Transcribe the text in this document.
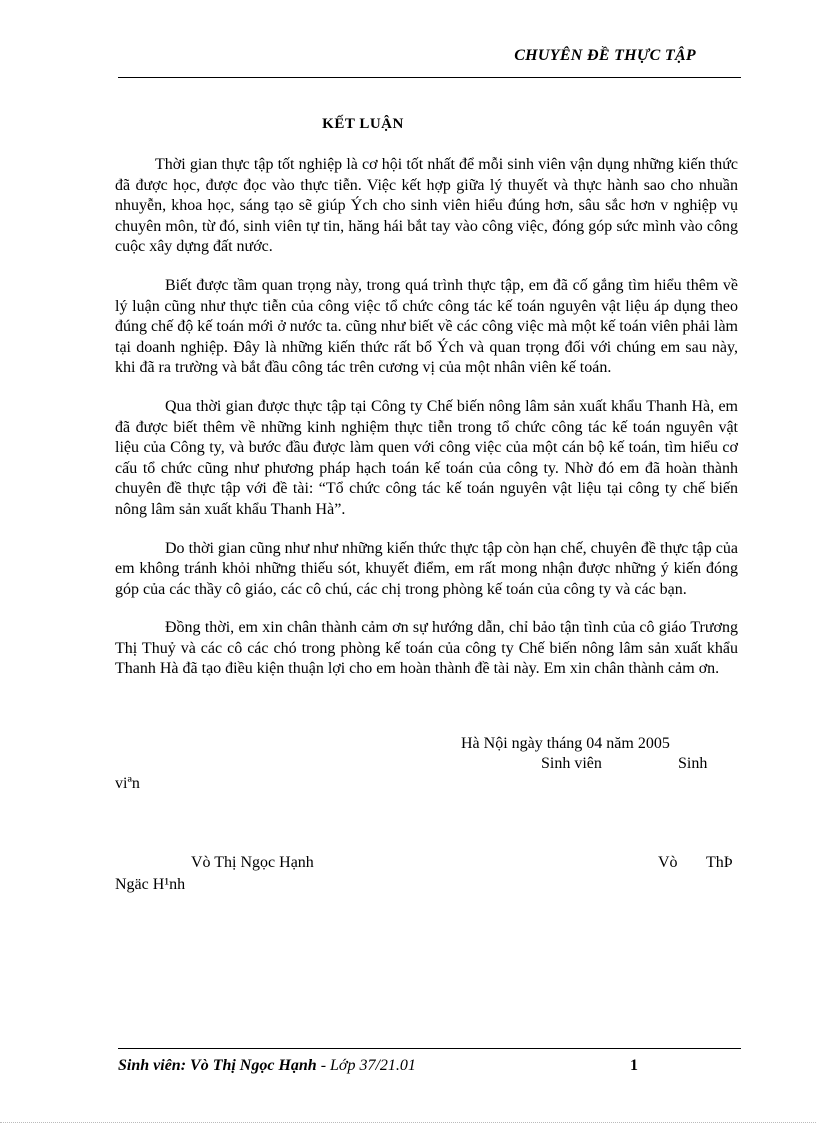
CHUYÊN ĐỀ THỰC TẬP
KẾT LUẬN

Thời gian thực tập tốt nghiệp là cơ hội tốt nhất để mỗi sinh viên vận dụng những kiến thức đã được học, được đọc vào thực tiễn. Việc kết hợp giữa lý thuyết và thực hành sao cho nhuần nhuyễn, khoa học, sáng tạo sẽ giúp Ých cho sinh viên hiểu đúng hơn, sâu sắc hơn v nghiệp vụ chuyên môn, từ đó, sinh viên tự tin, hăng hái bắt tay vào công việc, đóng góp sức mình vào công cuộc xây dựng đất nước.

Biết được tầm quan trọng này, trong quá trình thực tập, em đã cố gắng tìm hiểu thêm về lý luận cũng như thực tiễn của công việc tổ chức công tác kế toán nguyên vật liệu áp dụng theo đúng chế độ kế toán mới ở nước ta. cũng như biết về các công việc mà một kế toán viên phải làm tại doanh nghiệp. Đây là những kiến thức rất bổ Ých và quan trọng đối với chúng em sau này, khi đã ra trường và bắt đầu công tác trên cương vị của một nhân viên kế toán.

Qua thời gian được thực tập tại Công ty Chế biến nông lâm sản xuất khẩu Thanh Hà, em đã được biết thêm về những kinh nghiệm thực tiễn trong tổ chức công tác kế toán nguyên vật liệu của Công ty, và bước đầu được làm quen với công việc của một cán bộ kế toán, tìm hiểu cơ cấu tổ chức cũng như phương pháp hạch toán kế toán của công ty. Nhờ đó em đã hoàn thành chuyên đề thực tập với đề tài: “Tổ chức công tác kế toán nguyên vật liệu tại công ty chế biến nông lâm sản xuất khẩu Thanh Hà”.

Do thời gian cũng như như những kiến thức thực tập còn hạn chế, chuyên đề thực tập của em không tránh khỏi những thiếu sót, khuyết điểm, em rất mong nhận được những ý kiến đóng góp của các thầy cô giáo, các cô chú, các chị trong phòng kế toán của công ty và các bạn.

Đồng thời, em xin chân thành cảm ơn sự hướng dẫn, chỉ bảo tận tình của cô giáo Trương Thị Thuỷ và các cô các chó trong phòng kế toán của công ty Chế biến nông lâm sản xuất khẩu Thanh Hà đã tạo điều kiện thuận lợi cho em hoàn thành đề tài này. Em xin chân thành cảm ơn.

Hà Nội ngày tháng 04 năm 2005
Sinh viên	Sinh
viªn
Vò Thị Ngọc Hạnh	Vò ThÞ
Ngäc H¹nh
Sinh viên: Vò Thị Ngọc Hạnh - Lớp 37/21.01	1
